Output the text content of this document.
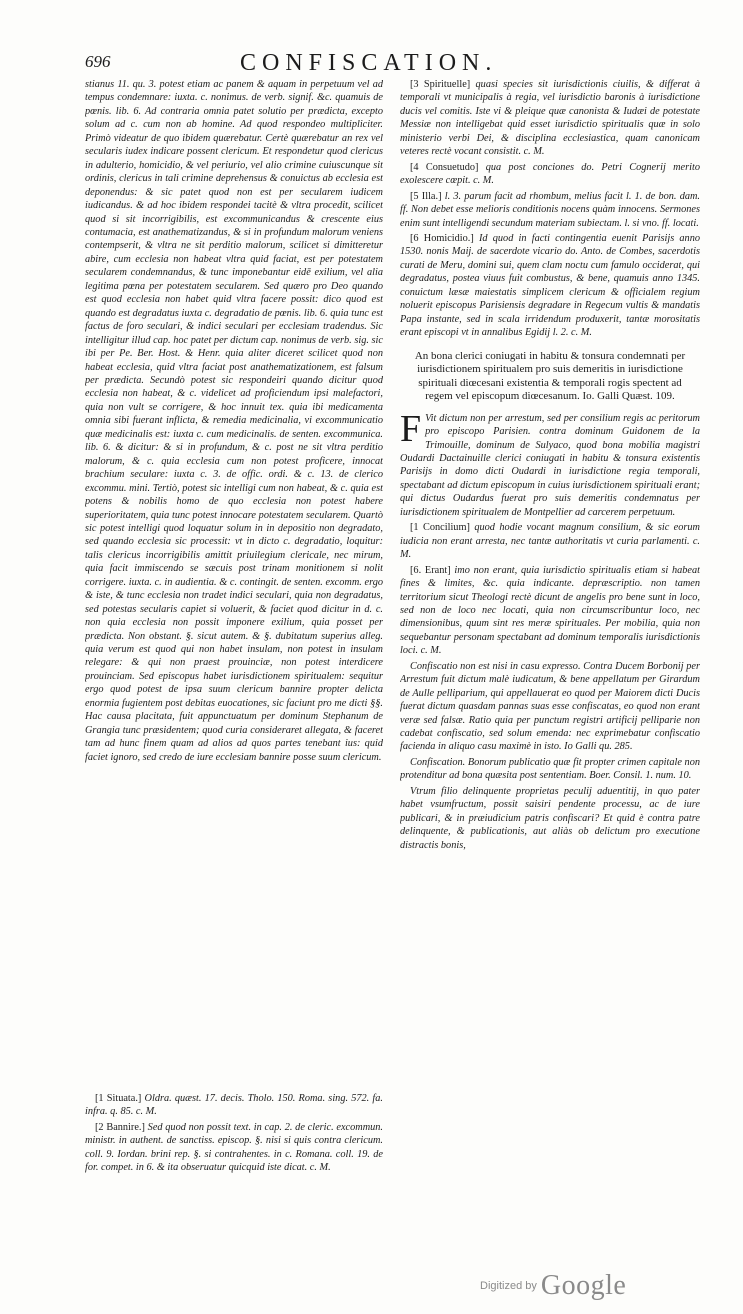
696	CONFISCATION.

stianus 11. qu. 3. potest etiam ac panem & aquam in perpetuum vel ad tempus condemnare: iuxta. c. nonimus. de verb. signif. &c. quamuis de pœnis. lib. 6. Ad contraria omnia patet solutio per prædicta, excepto solum ad c. cum non ab homine. Ad quod respondeo multipliciter. Primò videatur de quo ibidem quærebatur. Certè quærebatur an rex vel secularis iudex indicare possent clericum. Et respondetur quod clericus in adulterio, homicidio, & vel periurio, vel alio crimine cuiuscunque sit ordinis, clericus in tali crimine deprehensus & conuictus ab ecclesia est deponendus: & sic patet quod non est per secularem iudicem iudicandus. & ad hoc ibidem respondei tacitè & vltra procedit, scilicet quod si sit incorrigibilis, est excommunicandus & crescente eius contumacia, est anathematizandus, & si in profundum malorum veniens contempserit, & vltra ne sit perditio malorum, scilicet si dimitteretur abire, cum ecclesia non habeat vltra quid faciat, est per potestatem secularem condemnandus, & tunc imponebantur eidē exilium, vel alia legitima pœna per potestatem secularem. Sed quæro pro Deo quando est quod ecclesia non habet quid vltra facere possit: dico quod est quando est degradatus iuxta c. degradatio de pœnis. lib. 6. quia tunc est factus de foro seculari, & indici seculari per ecclesiam tradendus. Sic intelligitur illud cap. hoc patet per dictum cap. nonimus de verb. sig. sic ibi per Pe. Ber. Host. & Henr. quia aliter diceret scilicet quod non habeat ecclesia, quid vltra faciat post anathematizationem, est falsum per prædicta. Secundò potest sic respondeiri quando dicitur quod ecclesia non habeat, & c. videlicet ad proficiendum ipsi malefactori, quia non vult se corrigere, & hoc innuit tex. quia ibi medicamenta omnia sibi fuerant inflicta, & remedia medicinalia, vi excommunicatio quæ medicinalis est: iuxta c. cum medicinalis. de senten. excommunica. lib. 6. & dicitur: & si in profundum, & c. post ne sit vltra perditio malorum, & c. quia ecclesia cum non potest proficere, innocat brachium seculare: iuxta c. 3. de offic. ordi. & c. 13. de clerico excommu. mini. Tertiò, potest sic intelligi cum non habeat, & c. quia est potens & nobilis homo de quo ecclesia non potest habere superioritatem, quia tunc potest innocare potestatem secularem. Quartò sic potest intelligi quod loquatur solum in in depositio non degradato, sed quando ecclesia sic processit: vt in dicto c. degradatio, loquitur: talis clericus incorrigibilis amittit priuilegium clericale, nec mirum, quia facit immiscendo se sæcuis post trinam monitionem si nolit corrigere. iuxta. c. in audientia. & c. contingit. de senten. excomm. ergo & iste, & tunc ecclesia non tradet indici seculari, quia non degradatus, sed potestas secularis capiet si voluerit, & faciet quod dicitur in d. c. non quia ecclesia non possit imponere exilium, quia posset per prædicta. Non obstant. §. sicut autem. & §. dubitatum superius alleg. quia verum est quod qui non habet insulam, non potest in insulam relegare: & qui non praest prouinciæ, non potest interdicere prouinciam. Sed episcopus habet iurisdictionem spiritualem: sequitur ergo quod potest de ipsa suum clericum bannire propter delicta enormia fugientem post debitas euocationes, sic faciunt pro me dicti §§. Hac causa placitata, fuit appunctuatum per dominum Stephanum de Grangia tunc præsidentem; quod curia consideraret allegata, & faceret tam ad hunc finem quam ad alios ad quos partes tenebant ius: quid faciet ignoro, sed credo de iure ecclesiam bannire posse suum clericum.

[1 Situata.] Oldra. quæst. 17. decis. Tholo. 150. Roma. sing. 572. fa. infra. q. 85. c. M.

[2 Bannire.] Sed quod non possit text. in cap. 2. de cleric. excommun. ministr. in authent. de sanctiss. episcop. §. nisi si quis contra clericum. coll. 9. Iordan. brini rep. §. si contrahentes. in c. Romana. coll. 19. de for. compet. in 6. & ita obseruatur quicquid iste dicat. c. M.

[3 Spirituelle] quasi species sit iurisdictionis ciuilis, & differat à temporali vt municipalis à regia, vel iurisdictio baronis à iurisdictione ducis vel comitis. Iste vi & pleique quæ canonista & Iudæi de potestate Messiæ non intelligebat quid esset iurisdictio spiritualis quæ in solo ministerio verbi Dei, & disciplina ecclesiastica, quam canonicam veteres rectè vocant consistit. c. M.

[4 Consuetudo] qua post conciones do. Petri Cognerij merito exolescere cœpit. c. M.

[5 Illa.] l. 3. parum facit ad rhombum, melius facit l. 1. de bon. dam. ff. Non debet esse melioris conditionis nocens quàm innocens. Sermones enim sunt intelligendi secundum materiam subiectam. l. si vno. ff. locati.

[6 Homicidio.] Id quod in facti contingentia euenit Parisijs anno 1530. nonis Maij. de sacerdote vicario do. Anto. de Combes, sacerdotis curati de Meru, domini sui, quem clam noctu cum famulo occiderat, qui degradatus, postea viuus fuit combustus, & bene, quamuis anno 1345. conuictum læsæ maiestatis simplicem clericum & officialem regium noluerit episcopus Parisiensis degradare in Regecum vultis & mandatis Papa instante, sed in scala irridendum produxerit, tantæ morositatis erant episcopi vt in annalibus Egidij l. 2. c. M.

An bona clerici coniugati in habitu & tonsura condemnati per iurisdictionem spiritualem pro suis demeritis in iurisdictione spirituali diœcesani existentia & temporali rogis spectent ad regem vel episcopum diœcesanum. Io. Galli Quæst. 109.

F Vit dictum non per arrestum, sed per consilium regis ac peritorum pro episcopo Parisien. contra dominum Guidonem de la Trimouille, dominum de Sulyaco, quod bona mobilia magistri Oudardi Dactainuille clerici coniugati in habitu & tonsura existentis Parisijs in domo dicti Oudardi in iurisdictione regia temporali, spectabant ad dictum episcopum in cuius iurisdictionem spirituali erant; qui dictus Oudardus fuerat pro suis demeritis condemnatus per iurisdictionem spiritualem de Montpellier ad carcerem perpetuum.

[1 Concilium] quod hodie vocant magnum consilium, & sic eorum iudicia non erant arresta, nec tantæ authoritatis vt curia parlamenti. c. M.

[6. Erant] imo non erant, quia iurisdictio spiritualis etiam si habeat fines & limites, &c. quia indicante. depræscriptio. non tamen territorium sicut Theologi rectè dicunt de angelis pro bene sunt in loco, sed non de loco nec locati, quia non circumscribuntur loco, nec dimensionibus, quum sint res meræ spirituales. Per mobilia, quia non sequebantur personam spectabant ad dominum temporalis iurisdictionis loci. c. M.

Confiscatio non est nisi in casu expresso. Contra Ducem Borbonij per Arrestum fuit dictum malè iudicatum, & bene appellatum per Girardum de Aulle pelliparium, qui appellauerat eo quod per Maiorem dicti Ducis fuerat dictum quasdam pannas suas esse confiscatas, eo quod non erant veræ sed falsæ. Ratio quia per punctum registri artificij pelliparie non cadebat confiscatio, sed solum emenda: nec exprimebatur confiscatio facienda in aliquo casu maximè in isto. Io Galli qu. 285.

Confiscation. Bonorum publicatio quæ fit propter crimen capitale non protenditur ad bona quæsita post sententiam. Boer. Consil. 1. num. 10.

Vtrum filio delinquente proprietas peculij aduentitij, in quo pater habet vsumfructum, possit saisiri pendente processu, ac de iure publicari, & in præiudicium patris confiscari? Et quid è contra patre delinquente, & publicationis, aut aliàs ob delictum pro executione distractis bonis,

Digitized by Google
